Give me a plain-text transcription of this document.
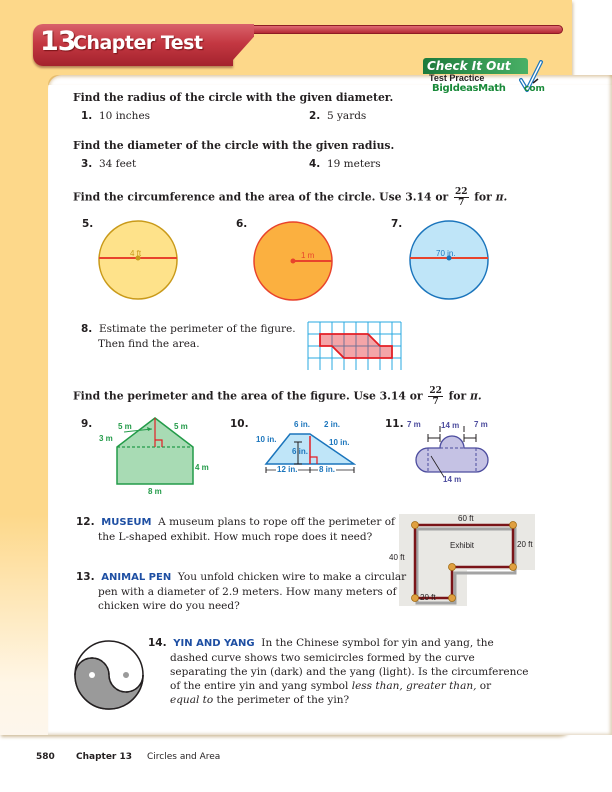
13
Chapter Test
Check It Out
Test Practice
BigIdeasMath com
Find the radius of the circle with the given diameter.
1. 10 inches	2. 5 yards
Find the diameter of the circle with the given radius.
3. 34 feet	4. 19 meters
Find the circumference and the area of the circle. Use 3.14 or $\frac{22}{7}$ for π.
5.
4 ft
6.
1 m
7.
70 in.
8. Estimate the perimeter of the figure.
Then find the area.
Find the perimeter and the area of the figure. Use 3.14 or $\frac{22}{7}$ for π.
9.	5 m	5 m
3 m
4 m
8 m
10.	6 in. 2 in.
10 in.	10 in.
6 in.
12 in.	8 in.
11. 7 m	14 m 7 m
14 m
12. MUSEUM A museum plans to rope off the perimeter of
the L-shaped exhibit. How much rope does it need?
60 ft
20 ft
40 ft
20 ft
Exhibit
13. ANIMAL PEN You unfold chicken wire to make a circular
pen with a diameter of 2.9 meters. How many meters of
chicken wire do you need?
14. YIN AND YANG In the Chinese symbol for yin and yang, the
dashed curve shows two semicircles formed by the curve
separating the yin (dark) and the yang (light). Is the circumference
of the entire yin and yang symbol less than, greater than, or
equal to the perimeter of the yin?
580 Chapter 13 Circles and Area
